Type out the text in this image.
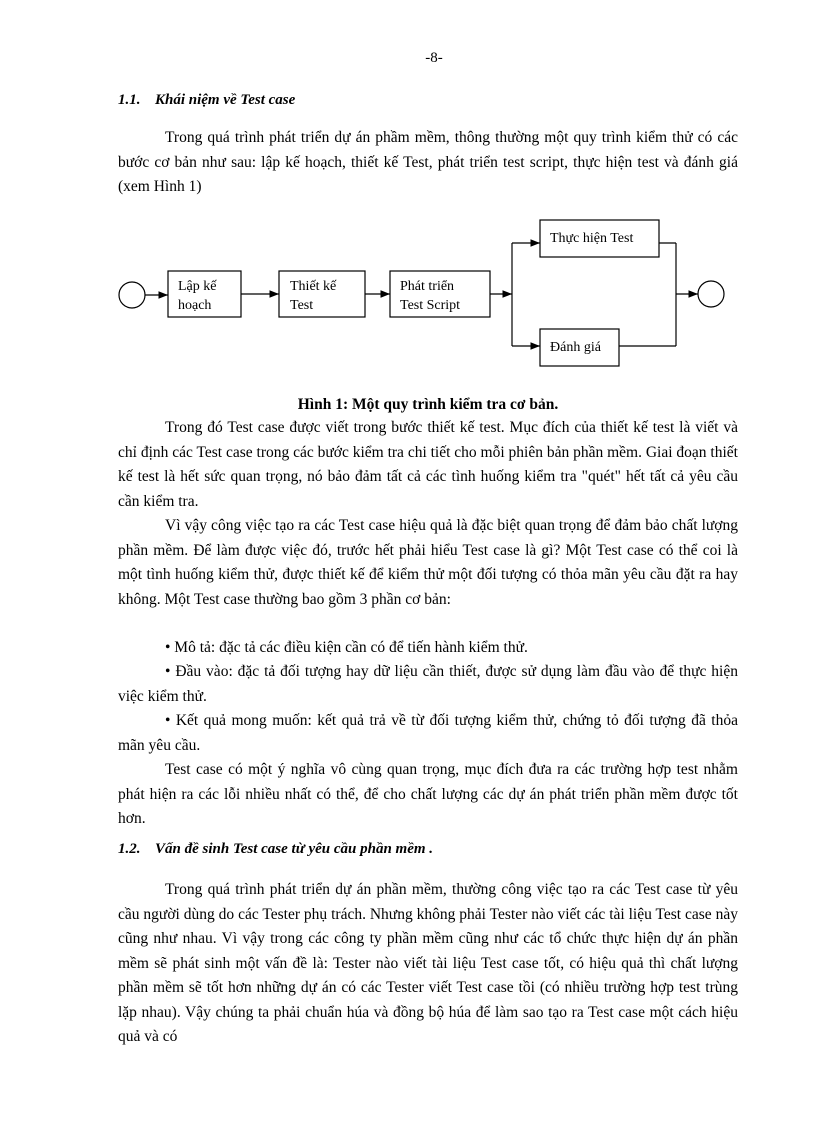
-8-
1.1. Khái niệm về Test case

Trong quá trình phát triển dự án phầm mềm, thông thường một quy trình kiểm thử có các bước cơ bản như sau: lập kế hoạch, thiết kế Test, phát triển test script, thực hiện test và đánh giá (xem Hình 1)

Lập kế
hoạch
Thiết kế
Test
Phát triển
Test Script
Thực hiện Test
Đánh giá
Hình 1: Một quy trình kiểm tra cơ bản.

Trong đó Test case được viết trong bước thiết kế test. Mục đích của thiết kế test là viết và chỉ định các Test case trong các bước kiểm tra chi tiết cho mỗi phiên bản phần mềm. Giai đoạn thiết kế test là hết sức quan trọng, nó bảo đảm tất cả các tình huống kiểm tra "quét" hết tất cả yêu cầu cần kiểm tra.

Vì vậy công việc tạo ra các Test case hiệu quả là đặc biệt quan trọng để đảm bảo chất lượng phần mềm. Để làm được việc đó, trước hết phải hiểu Test case là gì? Một Test case có thể coi là một tình huống kiểm thử, được thiết kế để kiểm thử một đối tượng có thỏa mãn yêu cầu đặt ra hay không. Một Test case thường bao gồm 3 phần cơ bản:

• Mô tả: đặc tả các điều kiện cần có để tiến hành kiểm thử.

• Đầu vào: đặc tả đối tượng hay dữ liệu cần thiết, được sử dụng làm đầu vào để thực hiện việc kiểm thử.

• Kết quả mong muốn: kết quả trả về từ đối tượng kiểm thử, chứng tỏ đối tượng đã thỏa mãn yêu cầu.

Test case có một ý nghĩa vô cùng quan trọng, mục đích đưa ra các trường hợp test nhằm phát hiện ra các lỗi nhiều nhất có thể, để cho chất lượng các dự án phát triển phần mềm được tốt hơn.

1.2. Vấn đề sinh Test case từ yêu cầu phần mềm .

Trong quá trình phát triển dự án phần mềm, thường công việc tạo ra các Test case từ yêu cầu người dùng do các Tester phụ trách. Nhưng không phải Tester nào viết các tài liệu Test case này cũng như nhau. Vì vậy trong các công ty phần mềm cũng như các tổ chức thực hiện dự án phần mềm sẽ phát sinh một vấn đề là: Tester nào viết tài liệu Test case tốt, có hiệu quả thì chất lượng phần mềm sẽ tốt hơn những dự án có các Tester viết Test case tồi (có nhiều trường hợp test trùng lặp nhau). Vậy chúng ta phải chuẩn húa và đồng bộ húa để làm sao tạo ra Test case một cách hiệu quả và có
